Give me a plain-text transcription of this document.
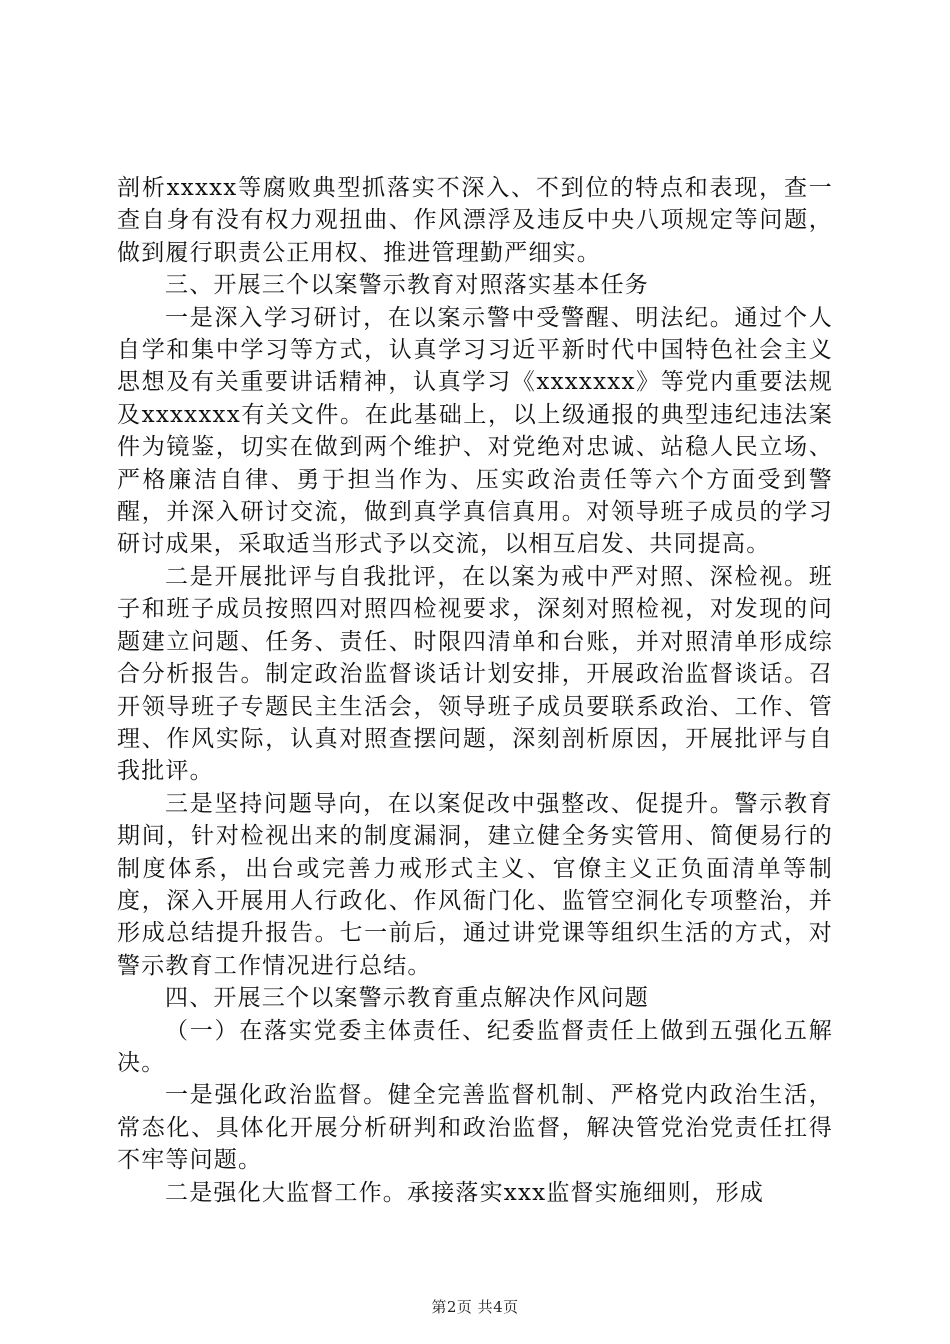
剖析xxxxx等腐败典型抓落实不深入、不到位的特点和表现，查一查自身有没有权力观扭曲、作风漂浮及违反中央八项规定等问题，做到履行职责公正用权、推进管理勤严细实。

三、开展三个以案警示教育对照落实基本任务

一是深入学习研讨，在以案示警中受警醒、明法纪。通过个人自学和集中学习等方式，认真学习习近平新时代中国特色社会主义思想及有关重要讲话精神，认真学习《xxxxxxx》等党内重要法规及xxxxxxx有关文件。在此基础上，以上级通报的典型违纪违法案件为镜鉴，切实在做到两个维护、对党绝对忠诚、站稳人民立场、严格廉洁自律、勇于担当作为、压实政治责任等六个方面受到警醒，并深入研讨交流，做到真学真信真用。对领导班子成员的学习研讨成果，采取适当形式予以交流，以相互启发、共同提高。

二是开展批评与自我批评，在以案为戒中严对照、深检视。班子和班子成员按照四对照四检视要求，深刻对照检视，对发现的问题建立问题、任务、责任、时限四清单和台账，并对照清单形成综合分析报告。制定政治监督谈话计划安排，开展政治监督谈话。召开领导班子专题民主生活会，领导班子成员要联系政治、工作、管理、作风实际，认真对照查摆问题，深刻剖析原因，开展批评与自我批评。

三是坚持问题导向，在以案促改中强整改、促提升。警示教育期间，针对检视出来的制度漏洞，建立健全务实管用、简便易行的制度体系，出台或完善力戒形式主义、官僚主义正负面清单等制度，深入开展用人行政化、作风衙门化、监管空洞化专项整治，并形成总结提升报告。七一前后，通过讲党课等组织生活的方式，对警示教育工作情况进行总结。

四、开展三个以案警示教育重点解决作风问题

（一）在落实党委主体责任、纪委监督责任上做到五强化五解决。

一是强化政治监督。健全完善监督机制、严格党内政治生活，常态化、具体化开展分析研判和政治监督，解决管党治党责任扛得不牢等问题。

二是强化大监督工作。承接落实xxx监督实施细则，形成

第2页 共4页
